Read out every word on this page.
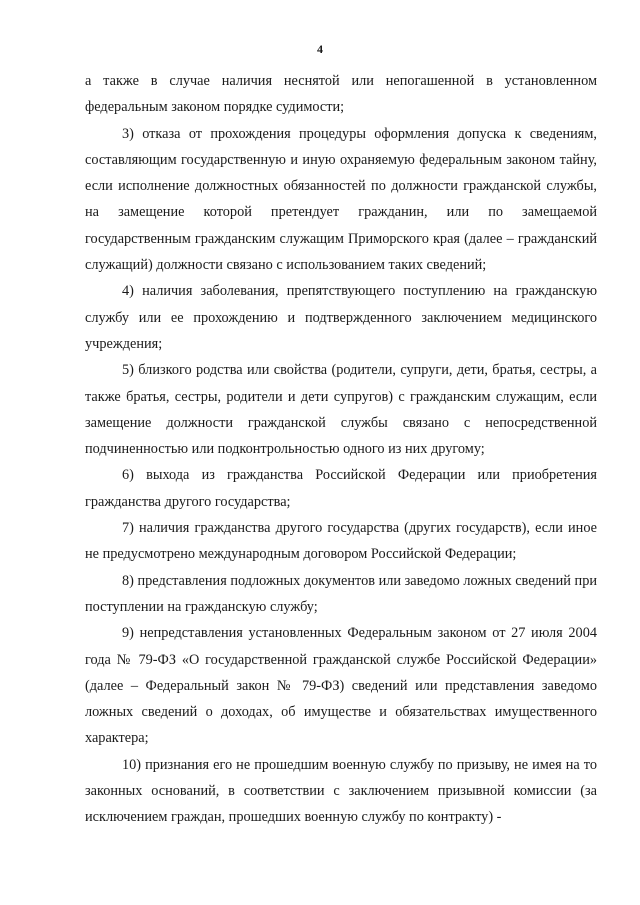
4

а также в случае наличия неснятой или непогашенной в установленном федеральным законом порядке судимости;

3) отказа от прохождения процедуры оформления допуска к сведениям, составляющим государственную и иную охраняемую федеральным законом тайну, если исполнение должностных обязанностей по должности гражданской службы, на замещение которой претендует гражданин, или по замещаемой государственным гражданским служащим Приморского края (далее – гражданский служащий) должности связано с использованием таких сведений;

4) наличия заболевания, препятствующего поступлению на гражданскую службу или ее прохождению и подтвержденного заключением медицинского учреждения;

5) близкого родства или свойства (родители, супруги, дети, братья, сестры, а также братья, сестры, родители и дети супругов) с гражданским служащим, если замещение должности гражданской службы связано с непосредственной подчиненностью или подконтрольностью одного из них другому;

6) выхода из гражданства Российской Федерации или приобретения гражданства другого государства;

7) наличия гражданства другого государства (других государств), если иное не предусмотрено международным договором Российской Федерации;

8) представления подложных документов или заведомо ложных сведений при поступлении на гражданскую службу;

9) непредставления установленных Федеральным законом от 27 июля 2004 года № 79-ФЗ «О государственной гражданской службе Российской Федерации» (далее – Федеральный закон № 79-ФЗ) сведений или представления заведомо ложных сведений о доходах, об имуществе и обязательствах имущественного характера;

10) признания его не прошедшим военную службу по призыву, не имея на то законных оснований, в соответствии с заключением призывной комиссии (за исключением граждан, прошедших военную службу по контракту) -
